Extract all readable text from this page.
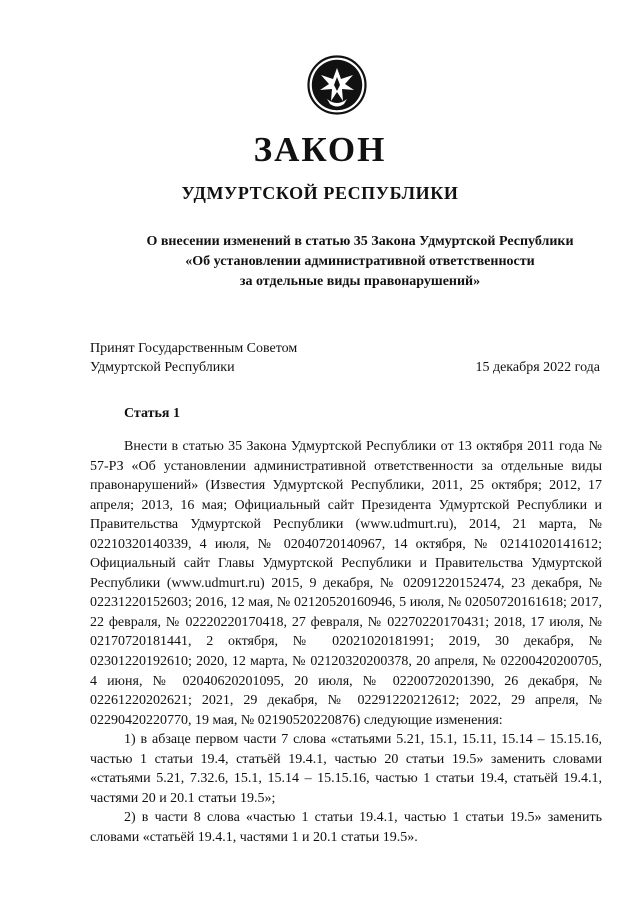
ЗАКОН
УДМУРТСКОЙ РЕСПУБЛИКИ
О внесении изменений в статью 35 Закона Удмуртской Республики
«Об установлении административной ответственности
за отдельные виды правонарушений»
Принят Государственным Советом
Удмуртской Республики	15 декабря 2022 года
Статья 1

Внести в статью 35 Закона Удмуртской Республики от 13 октября 2011 года № 57-РЗ «Об установлении административной ответственности за отдельные виды правонарушений» (Известия Удмуртской Республики, 2011, 25 октября; 2012, 17 апреля; 2013, 16 мая; Официальный сайт Президента Удмуртской Республики и Правительства Удмуртской Республики (www.udmurt.ru), 2014, 21 марта, № 02210320140339, 4 июля, № 02040720140967, 14 октября, № 02141020141612; Официальный сайт Главы Удмуртской Республики и Правительства Удмуртской Республики (www.udmurt.ru) 2015, 9 декабря, № 02091220152474, 23 декабря, № 02231220152603; 2016, 12 мая, № 02120520160946, 5 июля, № 02050720161618; 2017, 22 февраля, № 02220220170418, 27 февраля, № 02270220170431; 2018, 17 июля, № 02170720181441, 2 октября, № 02021020181991; 2019, 30 декабря, № 02301220192610; 2020, 12 марта, № 02120320200378, 20 апреля, № 02200420200705, 4 июня, № 02040620201095, 20 июля, № 02200720201390, 26 декабря, № 02261220202621; 2021, 29 декабря, № 02291220212612; 2022, 29 апреля, № 02290420220770, 19 мая, № 02190520220876) следующие изменения:

1) в абзаце первом части 7 слова «статьями 5.21, 15.1, 15.11, 15.14 – 15.15.16, частью 1 статьи 19.4, статьёй 19.4.1, частью 20 статьи 19.5» заменить словами «статьями 5.21, 7.32.6, 15.1, 15.14 – 15.15.16, частью 1 статьи 19.4, статьёй 19.4.1, частями 20 и 20.1 статьи 19.5»;

2) в части 8 слова «частью 1 статьи 19.4.1, частью 1 статьи 19.5» заменить словами «статьёй 19.4.1, частями 1 и 20.1 статьи 19.5».
